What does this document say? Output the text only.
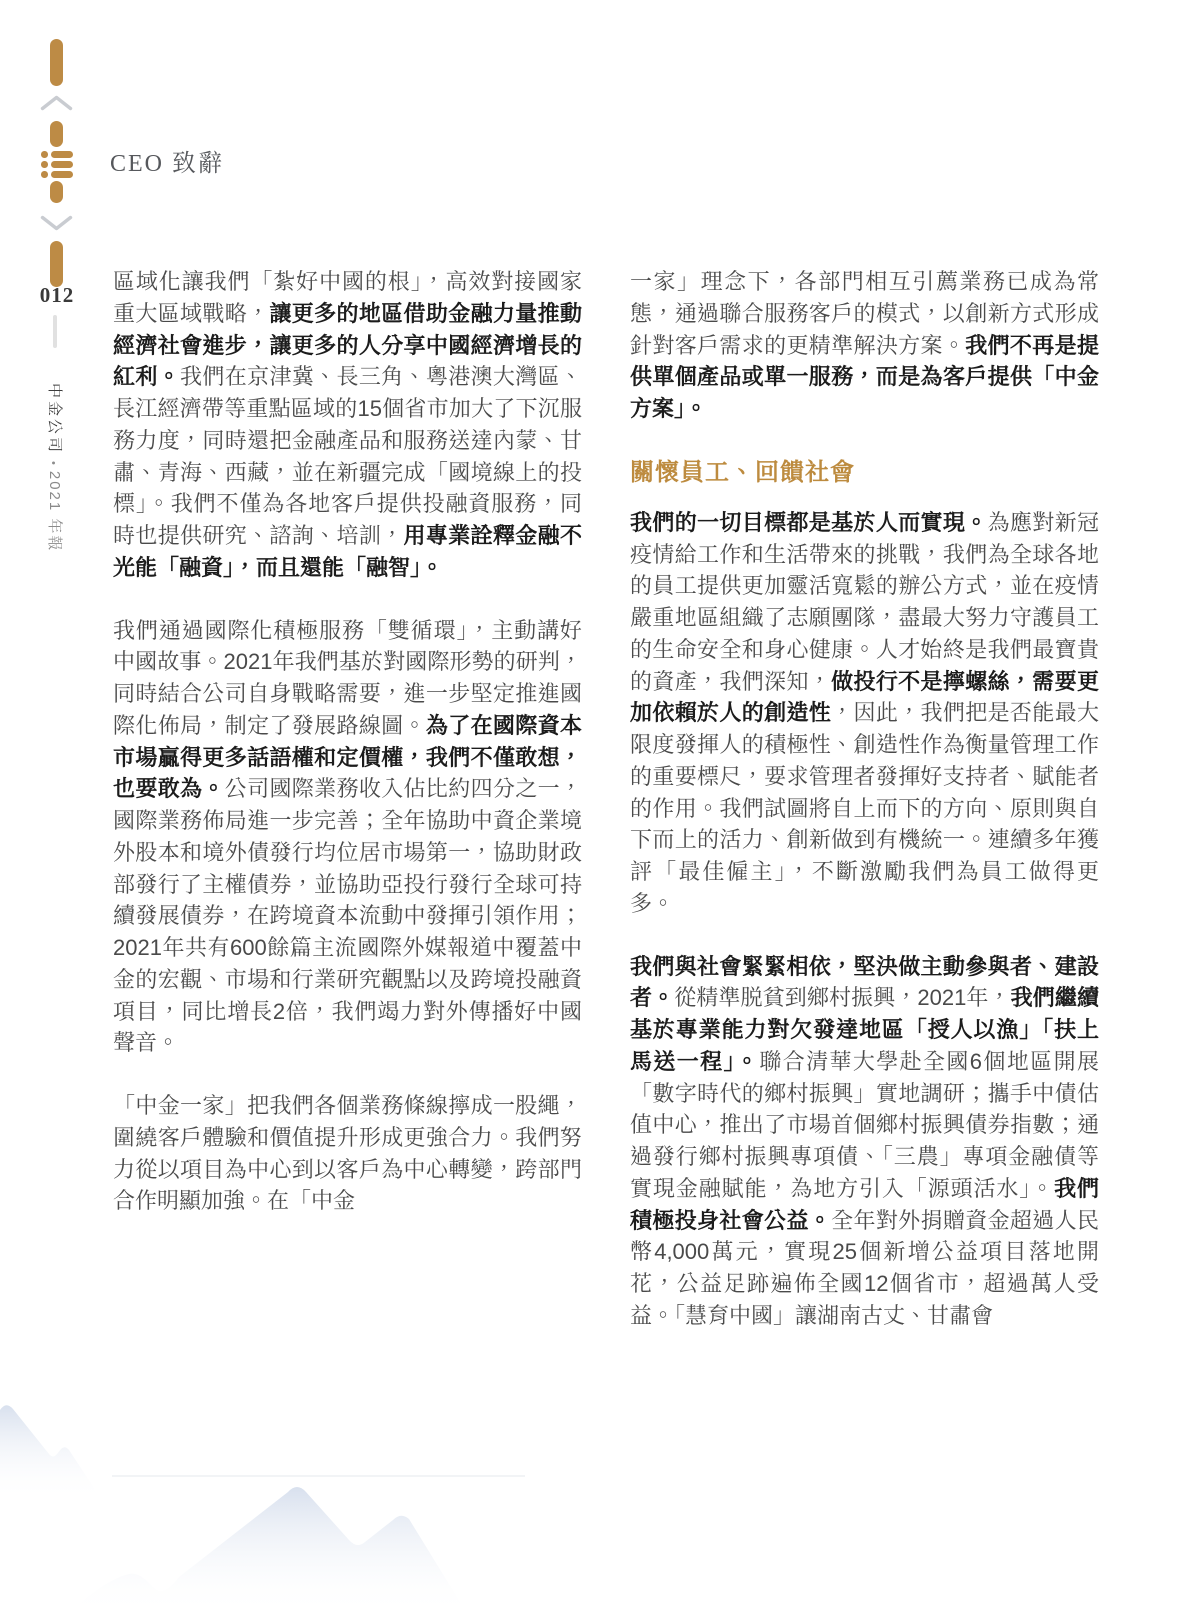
012
中金公司•2021 年報
CEO 致辭

區域化讓我們「紮好中國的根」，高效對接國家重大區域戰略，讓更多的地區借助金融力量推動經濟社會進步，讓更多的人分享中國經濟增長的紅利。我們在京津冀、長三角、粵港澳大灣區、長江經濟帶等重點區域的15個省市加大了下沉服務力度，同時還把金融產品和服務送達內蒙、甘肅、青海、西藏，並在新疆完成「國境線上的投標」。我們不僅為各地客戶提供投融資服務，同時也提供研究、諮詢、培訓，用專業詮釋金融不光能「融資」，而且還能「融智」。

我們通過國際化積極服務「雙循環」，主動講好中國故事。2021年我們基於對國際形勢的研判，同時結合公司自身戰略需要，進一步堅定推進國際化佈局，制定了發展路線圖。為了在國際資本市場贏得更多話語權和定價權，我們不僅敢想，也要敢為。公司國際業務收入佔比約四分之一，國際業務佈局進一步完善；全年協助中資企業境外股本和境外債發行均位居市場第一，協助財政部發行了主權債券，並協助亞投行發行全球可持續發展債券，在跨境資本流動中發揮引領作用；2021年共有600餘篇主流國際外媒報道中覆蓋中金的宏觀、市場和行業研究觀點以及跨境投融資項目，同比增長2倍，我們竭力對外傳播好中國聲音。

「中金一家」把我們各個業務條線擰成一股繩，圍繞客戶體驗和價值提升形成更強合力。我們努力從以項目為中心到以客戶為中心轉變，跨部門合作明顯加強。在「中金

一家」理念下，各部門相互引薦業務已成為常態，通過聯合服務客戶的模式，以創新方式形成針對客戶需求的更精準解決方案。我們不再是提供單個產品或單一服務，而是為客戶提供「中金方案」。

關懷員工、回饋社會

我們的一切目標都是基於人而實現。為應對新冠疫情給工作和生活帶來的挑戰，我們為全球各地的員工提供更加靈活寬鬆的辦公方式，並在疫情嚴重地區組織了志願團隊，盡最大努力守護員工的生命安全和身心健康。人才始終是我們最寶貴的資產，我們深知，做投行不是擰螺絲，需要更加依賴於人的創造性，因此，我們把是否能最大限度發揮人的積極性、創造性作為衡量管理工作的重要標尺，要求管理者發揮好支持者、賦能者的作用。我們試圖將自上而下的方向、原則與自下而上的活力、創新做到有機統一。連續多年獲評「最佳僱主」，不斷激勵我們為員工做得更多。

我們與社會緊緊相依，堅決做主動參與者、建設者。從精準脱貧到鄉村振興，2021年，我們繼續基於專業能力對欠發達地區「授人以漁」「扶上馬送一程」。聯合清華大學赴全國6個地區開展「數字時代的鄉村振興」實地調研；攜手中債估值中心，推出了市場首個鄉村振興債券指數；通過發行鄉村振興專項債、「三農」專項金融債等實現金融賦能，為地方引入「源頭活水」。我們積極投身社會公益。全年對外捐贈資金超過人民幣4,000萬元，實現25個新增公益項目落地開花，公益足跡遍佈全國12個省市，超過萬人受益。「慧育中國」讓湖南古丈、甘肅會
